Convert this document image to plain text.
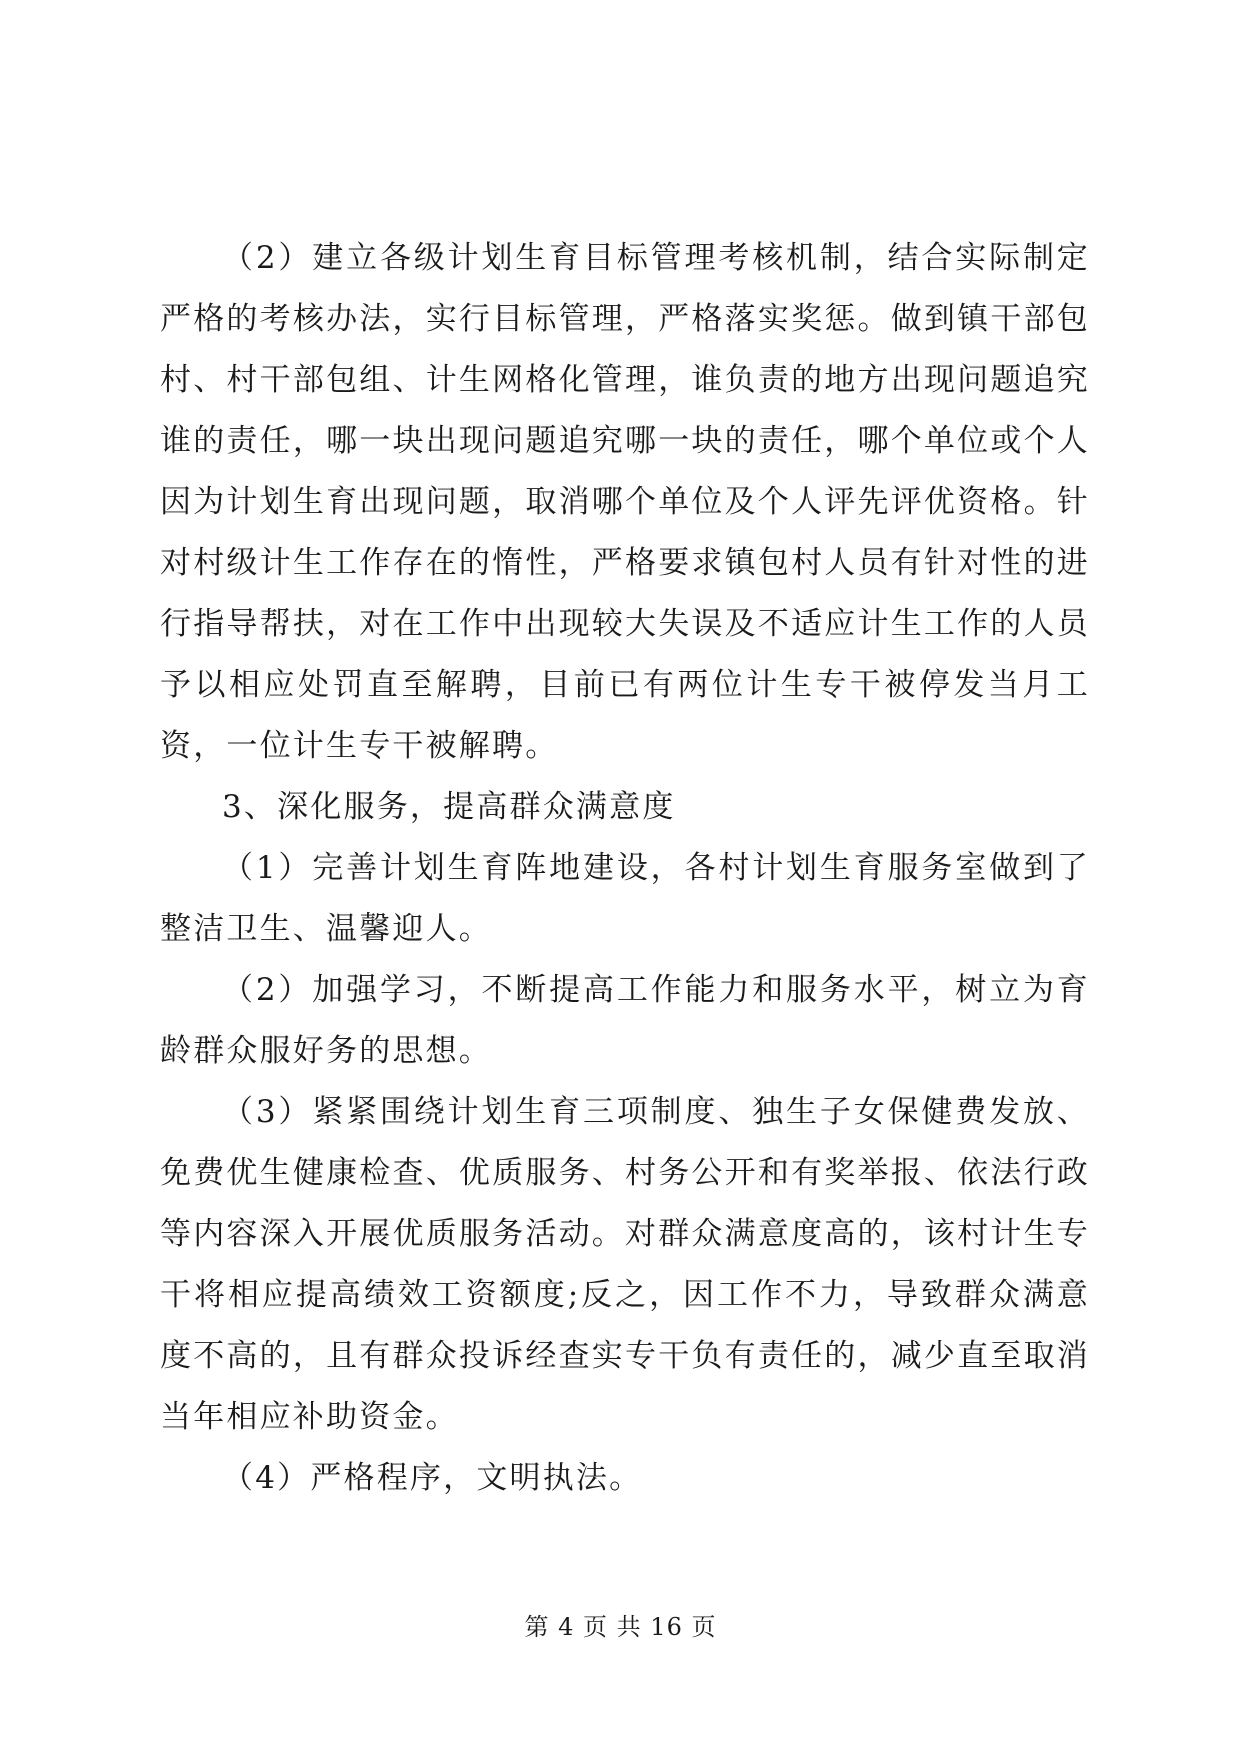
（2）建立各级计划生育目标管理考核机制，结合实际制定严格的考核办法，实行目标管理，严格落实奖惩。做到镇干部包村、村干部包组、计生网格化管理，谁负责的地方出现问题追究谁的责任，哪一块出现问题追究哪一块的责任，哪个单位或个人因为计划生育出现问题，取消哪个单位及个人评先评优资格。针对村级计生工作存在的惰性，严格要求镇包村人员有针对性的进行指导帮扶，对在工作中出现较大失误及不适应计生工作的人员予以相应处罚直至解聘，目前已有两位计生专干被停发当月工资，一位计生专干被解聘。

3、深化服务，提高群众满意度

（1）完善计划生育阵地建设，各村计划生育服务室做到了整洁卫生、温馨迎人。

（2）加强学习，不断提高工作能力和服务水平，树立为育龄群众服好务的思想。

（3）紧紧围绕计划生育三项制度、独生子女保健费发放、免费优生健康检查、优质服务、村务公开和有奖举报、依法行政等内容深入开展优质服务活动。对群众满意度高的，该村计生专干将相应提高绩效工资额度;反之，因工作不力，导致群众满意度不高的，且有群众投诉经查实专干负有责任的，减少直至取消当年相应补助资金。

（4）严格程序，文明执法。

第 4 页 共 16 页
